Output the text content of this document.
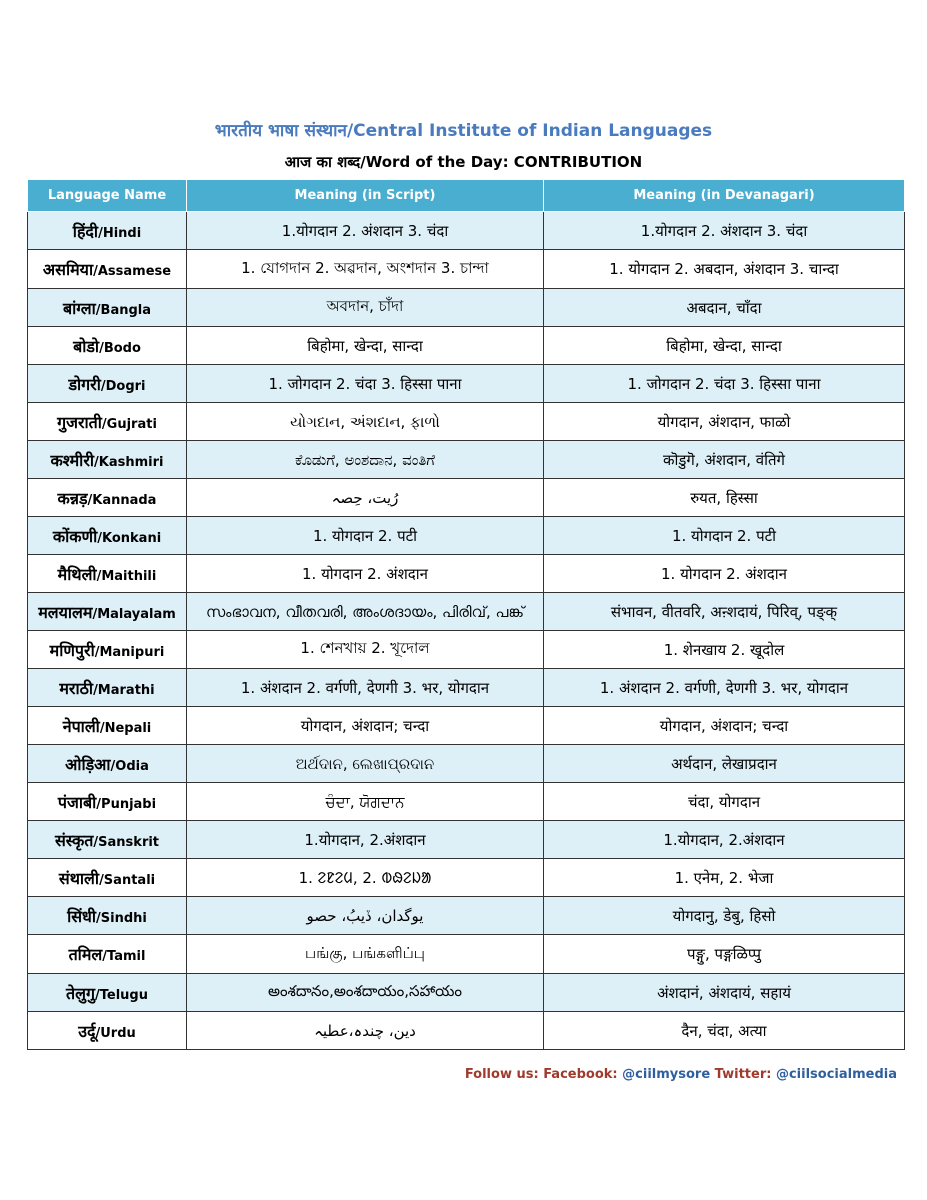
भारतीय भाषा संस्थान/Central Institute of Indian Languages
आज का शब्द/Word of the Day: CONTRIBUTION
Language Name	Meaning (in Script)	Meaning (in Devanagari)
हिंदी/Hindi	1.योगदान 2. अंशदान 3. चंदा	1.योगदान 2. अंशदान 3. चंदा
असमिया/Assamese	1. যোগদান 2. অৱদান, অংশদান 3. চান্দা	1. योगदान 2. अबदान, अंशदान 3. चान्दा
बांग्ला/Bangla	অবদান, চাঁদা	अबदान, चाँदा
बोडो/Bodo	बिहोमा, खेन्दा, सान्दा	बिहोमा, खेन्दा, सान्दा
डोगरी/Dogri	1. जोगदान 2. चंदा 3. हिस्सा पाना	1. जोगदान 2. चंदा 3. हिस्सा पाना
गुजराती/Gujrati	યોગદાન, અંશદાન, ફાળો	योगदान, अंशदान, फाळो
कश्मीरी/Kashmiri	ಕೊಡುಗೆ, ಅಂಶದಾನ, ವಂತಿಗೆ	कॊडुगॆ, अंशदान, वंतिगे
कन्नड़/Kannada	رُیت، حِصہ	रुयत, हिस्सा
कोंकणी/Konkani	1. योगदान 2. पटी	1. योगदान 2. पटी
मैथिली/Maithili	1. योगदान 2. अंशदान	1. योगदान 2. अंशदान
मलयालम/Malayalam	സംഭാവന, വീതവരി, അംശദായം, പിരിവ്, പങ്ക്	संभावन, वीतवरि, अऩ्शदायं, पिरिव्, पङ्क्
मणिपुरी/Manipuri	1. শেনখায় 2. খূদোল	1. शेनखाय 2. खूदोल
मराठी/Marathi	1. अंशदान 2. वर्गणी, देणगी 3. भर, योगदान	1. अंशदान 2. वर्गणी, देणगी 3. भर, योगदान
नेपाली/Nepali	योगदान, अंशदान; चन्दा	योगदान, अंशदान; चन्दा
ओड़िआ/Odia	ଅର୍ଥଦାନ, ଲେଖାପ୍ରଦାନ	अर्थदान, लेखाप्रदान
पंजाबी/Punjabi	ਚੰਦਾ, ਯੋਗਦਾਨ	चंदा, योगदान
संस्कृत/Sanskrit	1.योगदान, 2.अंशदान	1.योगदान, 2.अंशदान
संथाली/Santali	1. ᱮᱱᱮᱢ, 2. ᱵᱷᱮᱡᱟ	1. एनेम, 2. भेजा
सिंधी/Sindhi	يوگدان، ڏيبُ، حصو	योगदानु, डेबु, हिसो
तमिल/Tamil	பங்கு, பங்களிப்பு	पङ्गु, पङ्गळिप्पु
तेलुगु/Telugu	అంశదానం,అంశదాయం,సహాయం	अंशदानं, अंशदायं, सहायं
उर्दू/Urdu	دین، چندہ،عطیہ	दैन, चंदा, अत्या
Follow us: Facebook: @ciilmysore Twitter: @ciilsocialmedia
